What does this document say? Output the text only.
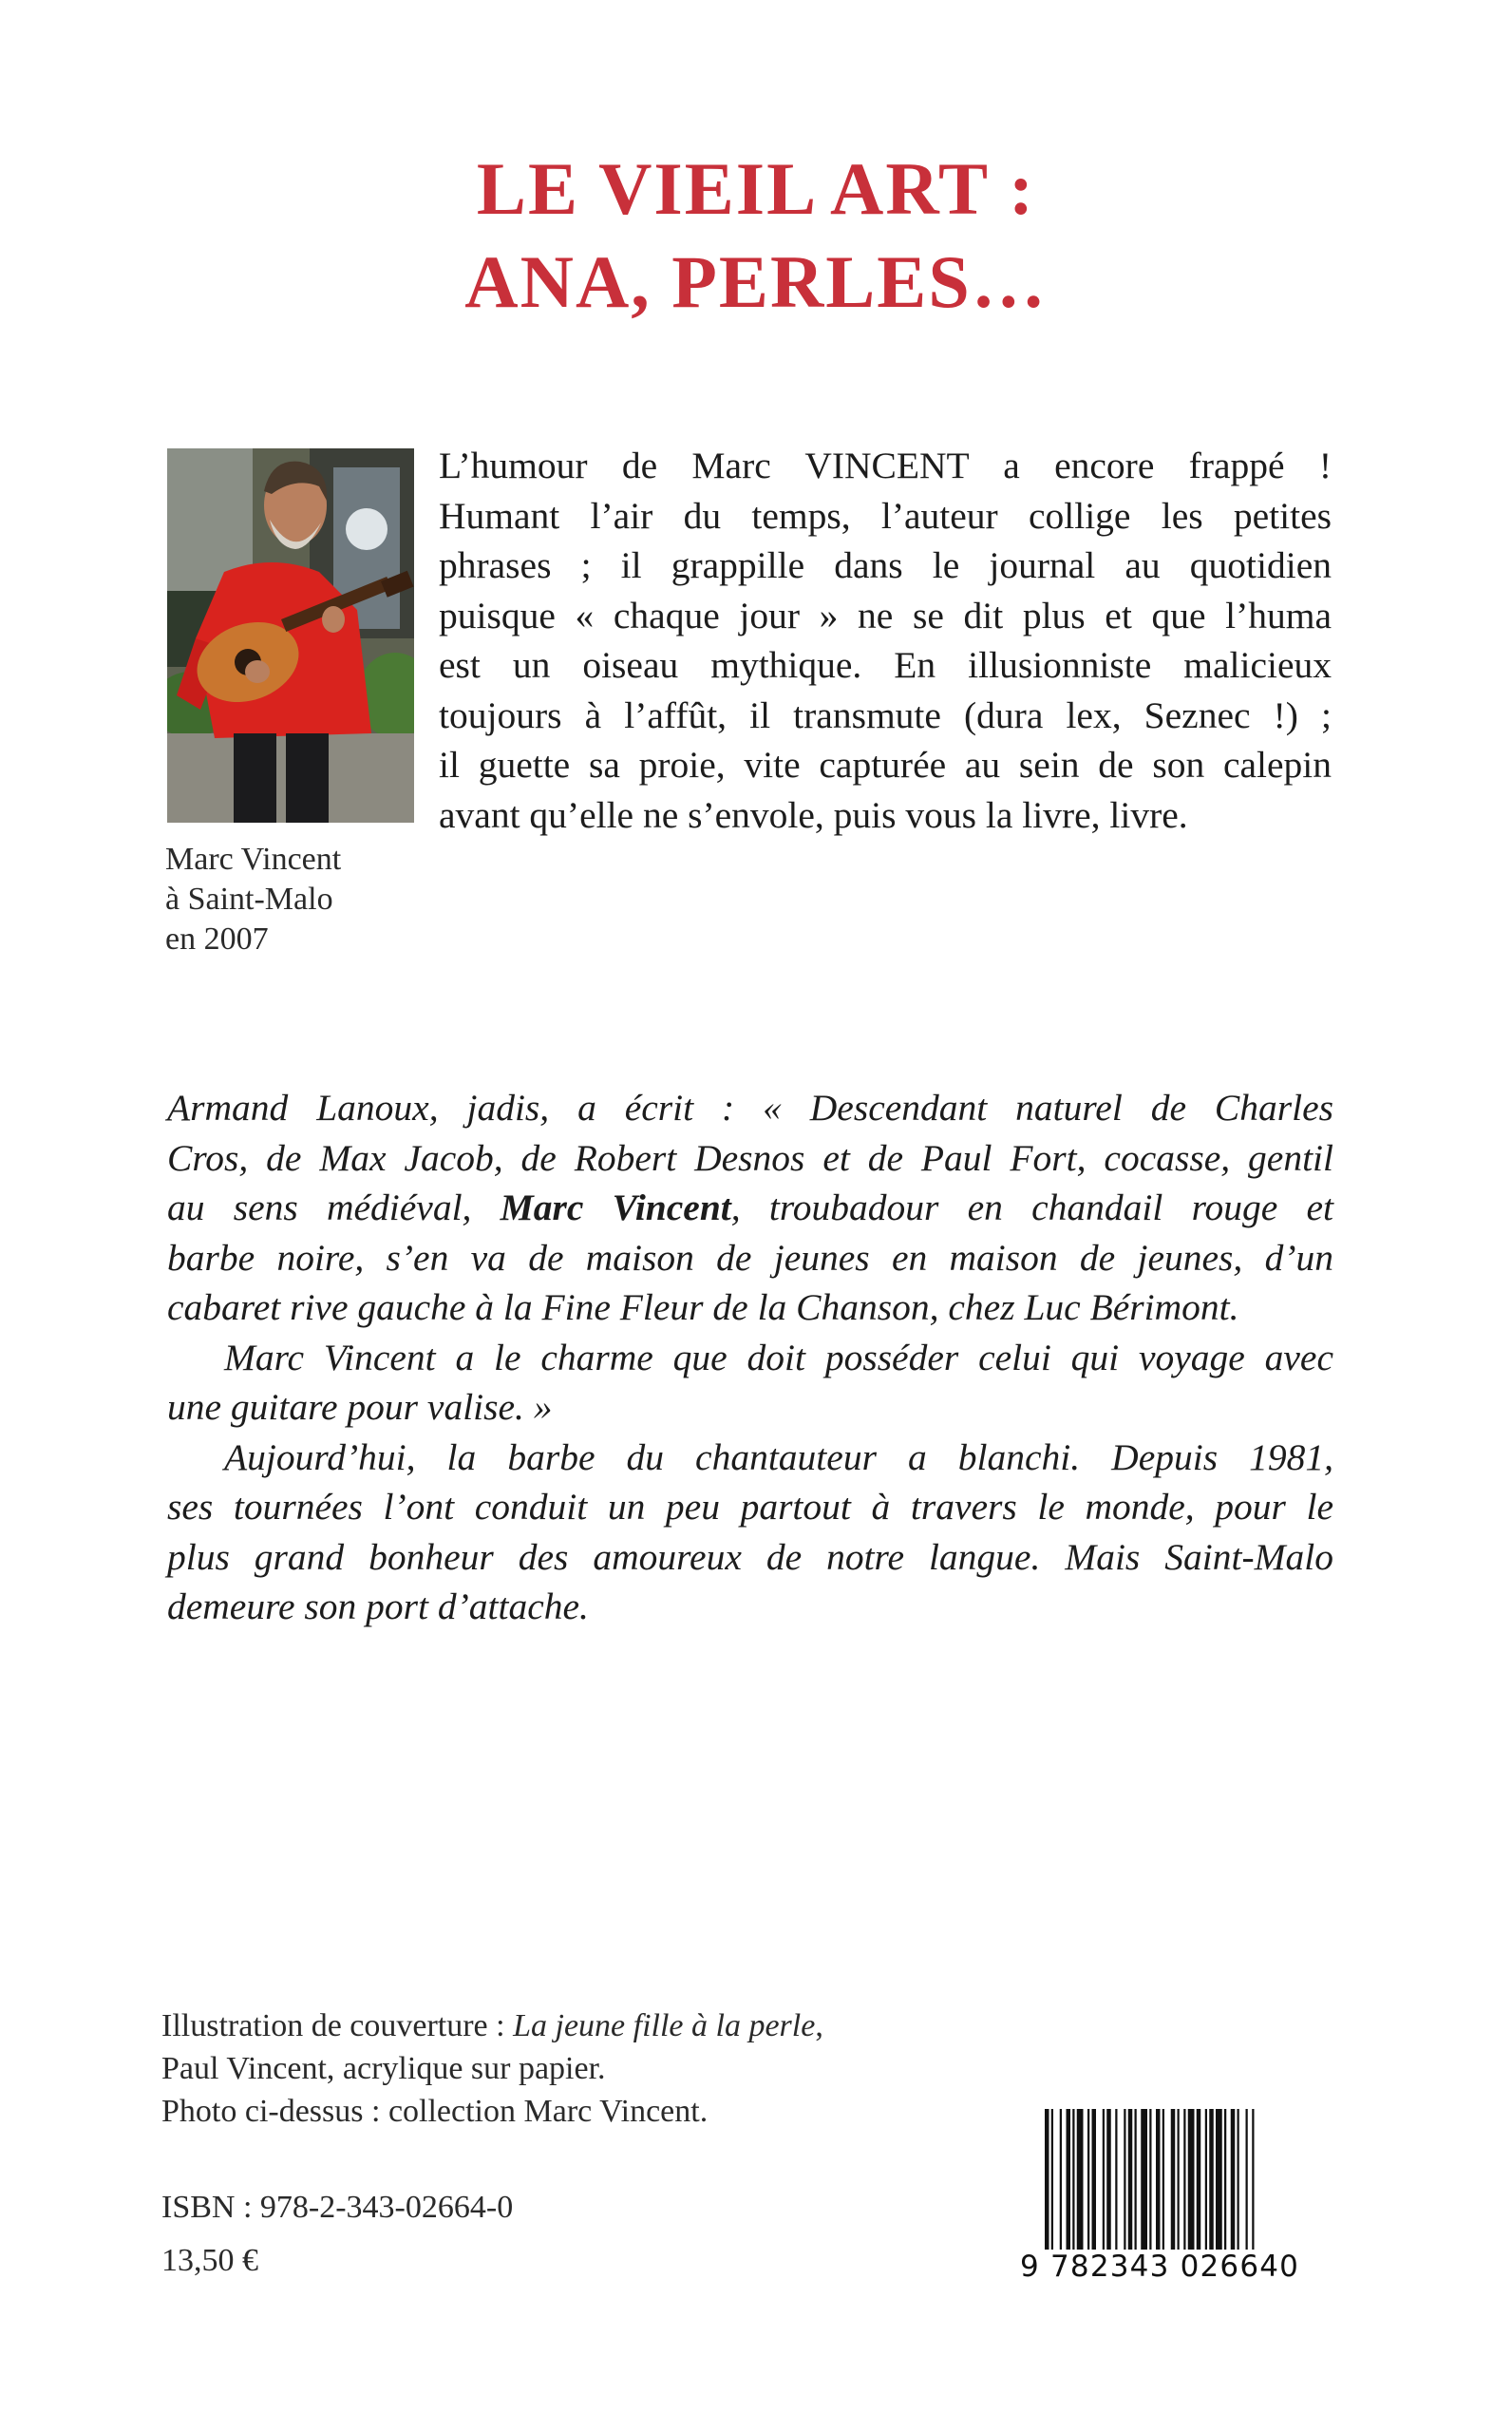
LE VIEIL ART :
ANA, PERLES…
Marc Vincent
à Saint-Malo
en 2007
L’humour de Marc VINCENT a encore frappé !
Humant l’air du temps, l’auteur collige les petites
phrases ; il grappille dans le journal au quotidien
puisque « chaque jour » ne se dit plus et que l’huma
est un oiseau mythique. En illusionniste malicieux
toujours à l’affût, il transmute (dura lex, Seznec !) ;
il guette sa proie, vite capturée au sein de son calepin
avant qu’elle ne s’envole, puis vous la livre, livre.
Armand Lanoux, jadis, a écrit : « Descendant naturel de Charles
Cros, de Max Jacob, de Robert Desnos et de Paul Fort, cocasse, gentil
au sens médiéval, Marc Vincent, troubadour en chandail rouge et
barbe noire, s’en va de maison de jeunes en maison de jeunes, d’un
cabaret rive gauche à la Fine Fleur de la Chanson, chez Luc Bérimont.
Marc Vincent a le charme que doit posséder celui qui voyage avec
une guitare pour valise. »
Aujourd’hui, la barbe du chantauteur a blanchi. Depuis 1981,
ses tournées l’ont conduit un peu partout à travers le monde, pour le
plus grand bonheur des amoureux de notre langue. Mais Saint-Malo
demeure son port d’attache.
Illustration de couverture : La jeune fille à la perle,
Paul Vincent, acrylique sur papier.
Photo ci-dessus : collection Marc Vincent.
ISBN : 978-2-343-02664-0
13,50 €	9 782343 026640
